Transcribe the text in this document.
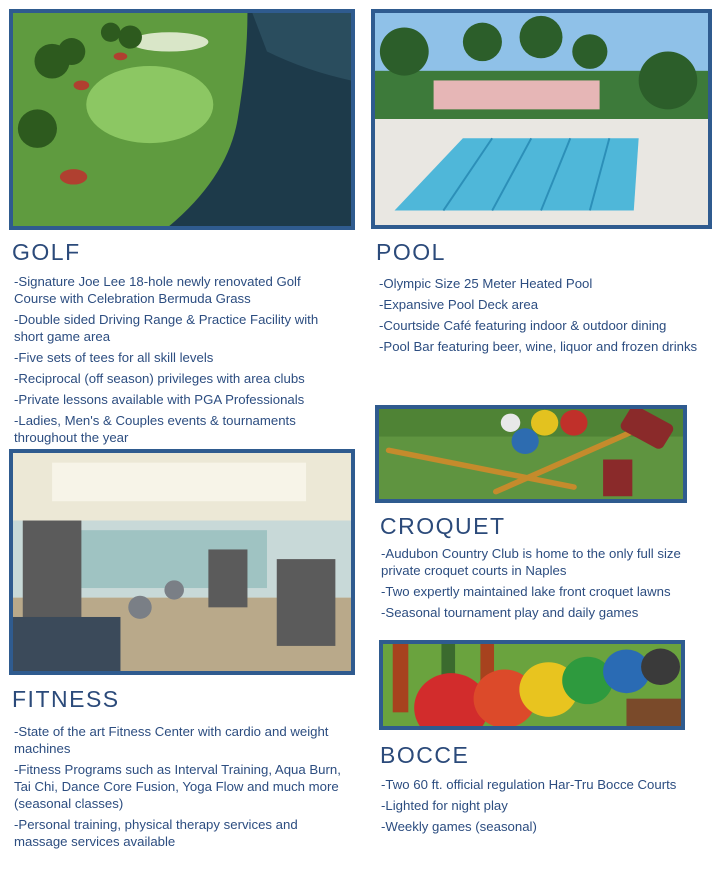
GOLF
-Signature Joe Lee 18-hole newly renovated Golf Course with Celebration Bermuda Grass
-Double sided Driving Range & Practice Facility with short game area
-Five sets of tees for all skill levels
-Reciprocal (off season) privileges with area clubs
-Private lessons available with PGA Professionals
-Ladies, Men's & Couples events & tournaments throughout the year
POOL
-Olympic Size 25 Meter Heated Pool
-Expansive Pool Deck area
-Courtside Café featuring indoor & outdoor dining
-Pool Bar featuring beer, wine, liquor and frozen drinks
FITNESS
-State of the art Fitness Center with cardio and weight machines
-Fitness Programs such as Interval Training, Aqua Burn, Tai Chi, Dance Core Fusion, Yoga Flow and much more (seasonal classes)
-Personal training, physical therapy services and massage services available
CROQUET
-Audubon Country Club is home to the only full size private croquet courts in Naples
-Two expertly maintained lake front croquet lawns
-Seasonal tournament play and daily games
BOCCE
-Two 60 ft. official regulation Har-Tru Bocce Courts
-Lighted for night play
-Weekly games (seasonal)
